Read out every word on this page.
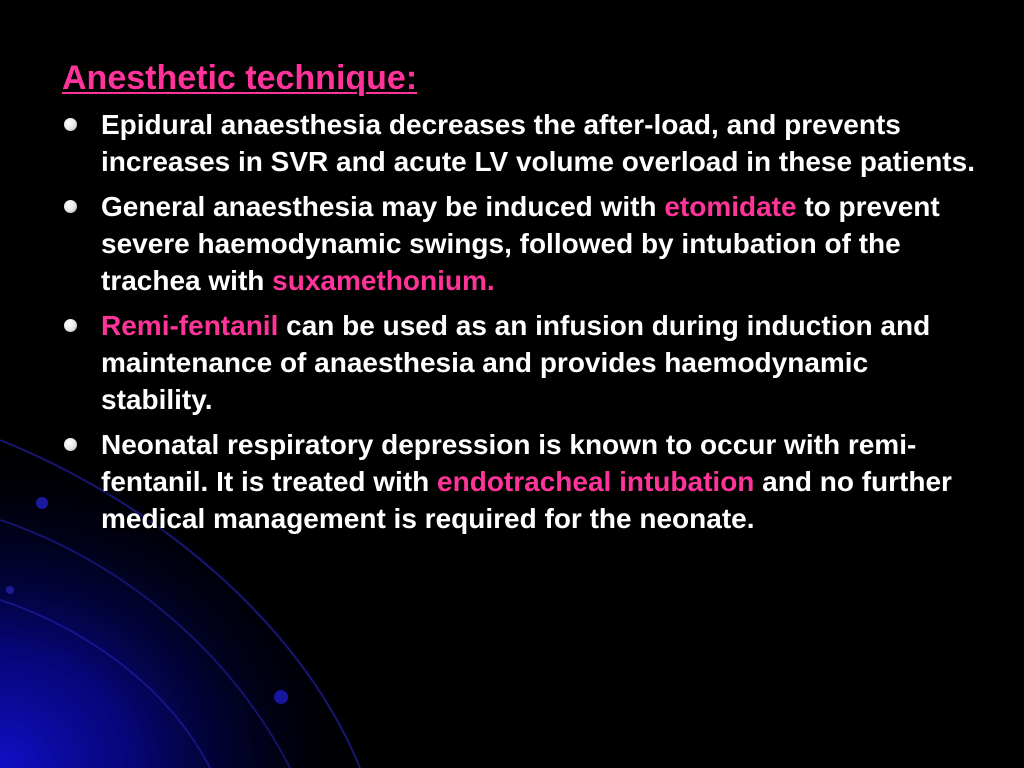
Anesthetic technique:
Epidural anaesthesia decreases the after-load, and prevents increases in SVR and acute LV volume overload in these patients.
General anaesthesia may be induced with etomidate to prevent severe haemodynamic swings, followed by intubation of the trachea with suxamethonium.
Remi-fentanil can be used as an infusion during induction and maintenance of anaesthesia and provides haemodynamic stability.
Neonatal respiratory depression is known to occur with remi-fentanil. It is treated with endotracheal intubation and no further medical management is required for the neonate.
